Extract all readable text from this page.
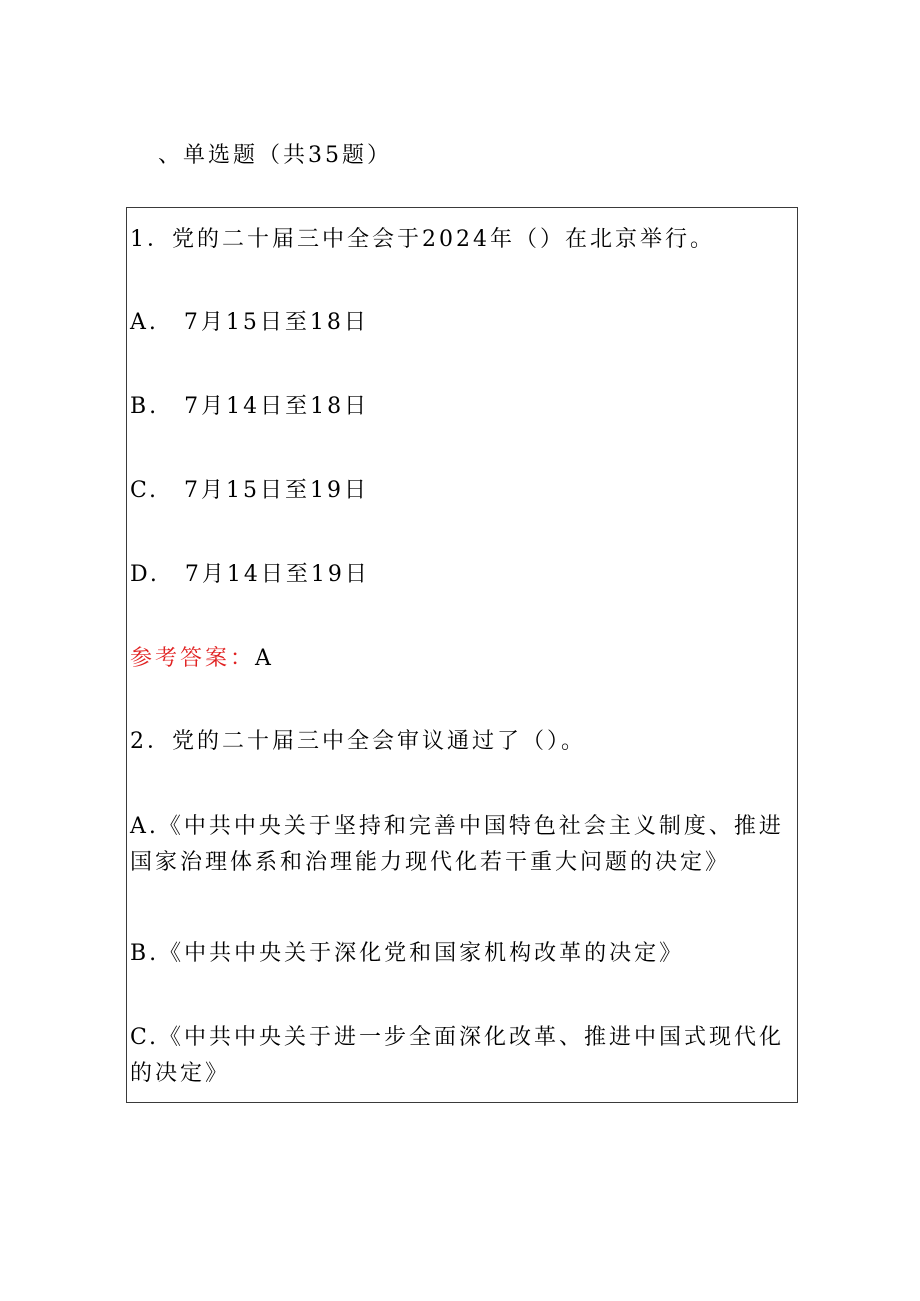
、单选题（共35题）
1．党的二十届三中全会于2024年（）在北京举行。
A.　7月15日至18日
B.　7月14日至18日
C.　7月15日至19日
D.　7月14日至19日
参考答案：A
2．党的二十届三中全会审议通过了（）。
A.《中共中央关于坚持和完善中国特色社会主义制度、推进国家治理体系和治理能力现代化若干重大问题的决定》
B.《中共中央关于深化党和国家机构改革的决定》
C.《中共中央关于进一步全面深化改革、推进中国式现代化的决定》
